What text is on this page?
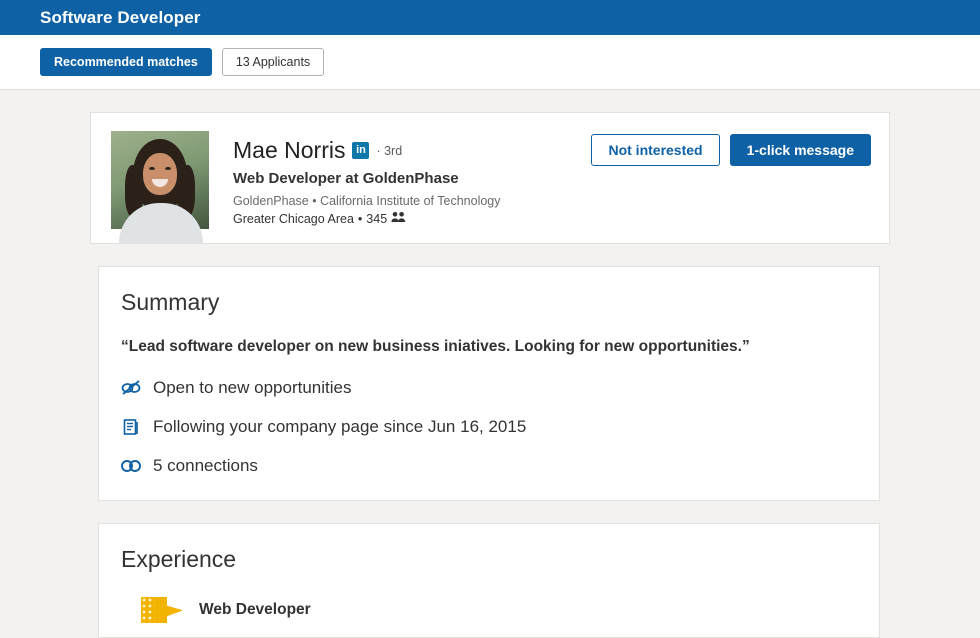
Software Developer
Recommended matches	13 Applicants
Mae Norris in · 3rd
Web Developer at GoldenPhase
GoldenPhase • California Institute of Technology
Greater Chicago Area • 345
Not interested	1-click message
Summary
“Lead software developer on new business iniatives. Looking for new opportunities.”
Open to new opportunities
Following your company page since Jun 16, 2015
5 connections
Experience
Web Developer
